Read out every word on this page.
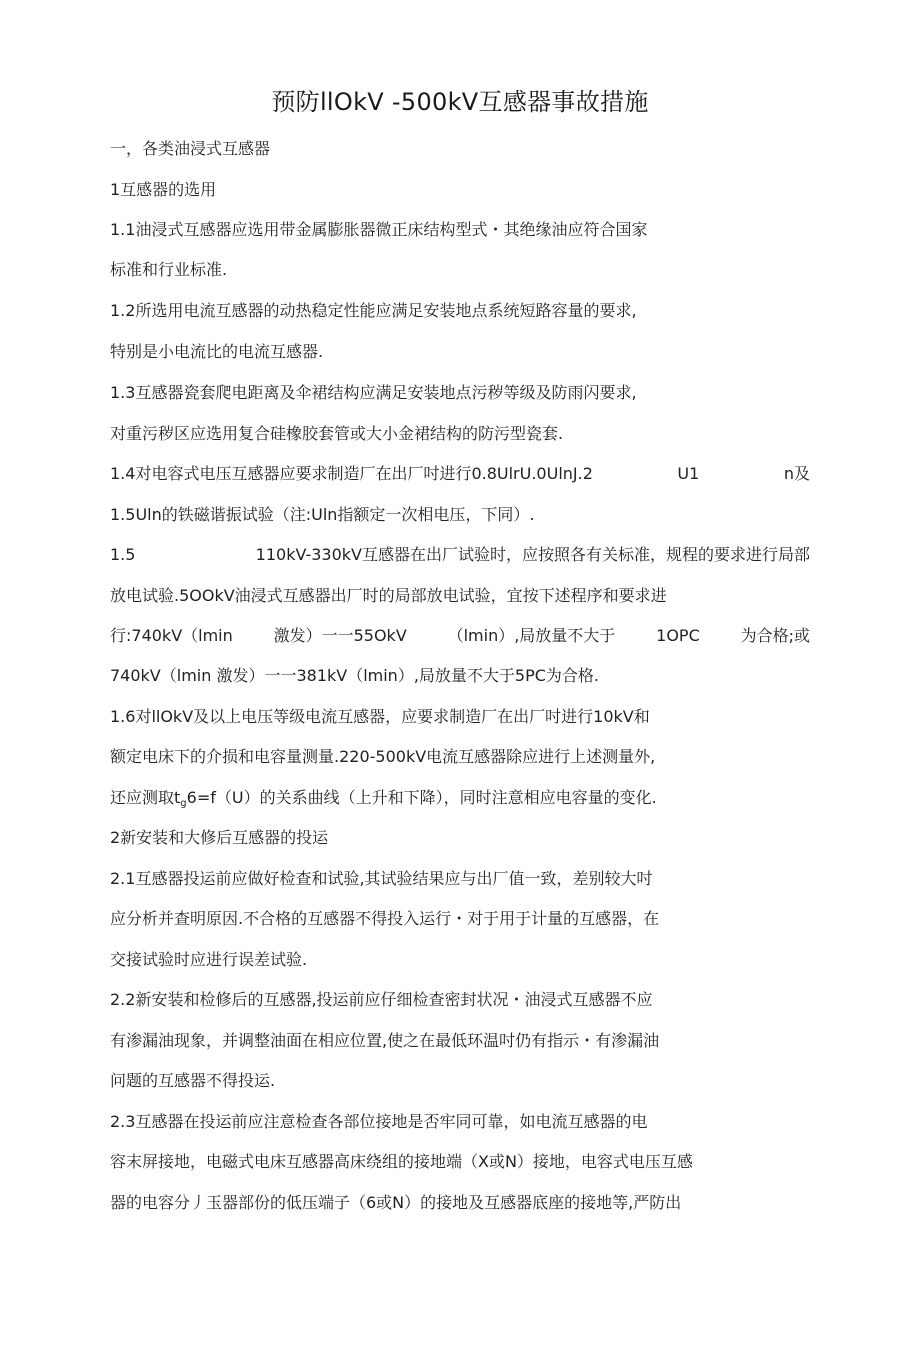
预防llOkV -500kV互感器事故措施
一，各类油浸式互感器
1互感器的选用
1.1油浸式互感器应选用带金属膨胀器微正床结构型式・其绝缘油应符合国家
标准和行业标准.
1.2所选用电流互感器的动热稳定性能应满足安装地点系统短路容量的要求,
特别是小电流比的电流互感器.
1.3互感器瓷套爬电距离及伞裙结构应满足安装地点污秽等级及防雨闪要求,
对重污秽区应选用复合硅橡胶套管或大小金裙结构的防污型瓷套.
1.4对电容式电压互感器应要求制造厂在出厂吋进行0.8UlrU.0UlnJ.2	U1	n及
1.5Uln的铁磁谐振试验（注:Uln指额定一次相电压，下同）.
1.5	110kV-330kV互感器在出厂试验时，应按照各有关标准，规程的要求进行局部
放电试验.5OOkV油浸式互感器出厂时的局部放电试验，宜按下述程序和要求进
行:740kV（lmin	激发）一一55OkV	（lmin）,局放量不大于	1OPC	为合格;或
740kV（lmin 激发）一一381kV（lmin）,局放量不大于5PC为合格.
1.6对llOkV及以上电压等级电流互感器，应要求制造厂在出厂吋进行10kV和
额定电床下的介损和电容量测量.220-500kV电流互感器除应进行上述测量外,
还应测取$t_g6=f(U)$的关系曲线（上升和下降），同时注意相应电容量的变化.
2新安装和大修后互感器的投运
2.1互感器投运前应做好检查和试验,其试验结果应与出厂值一致，差别较大吋
应分析并查明原因.不合格的互感器不得投入运行・对于用于计量的互感器，在
交接试验时应进行误差试验.
2.2新安装和检修后的互感器,投运前应仔细检查密封状况・油浸式互感器不应
有渗漏油现象，并调整油面在相应位置,使之在最低环温吋仍有指示・有渗漏油
问题的互感器不得投运.
2.3互感器在投运前应注意检查各部位接地是否牢同可靠，如电流互感器的电
容末屏接地，电磁式电床互感器高床绕组的接地端（X或N）接地，电容式电压互感
器的电容分丿玉器部份的低压端子（6或N）的接地及互感器底座的接地等,严防出
